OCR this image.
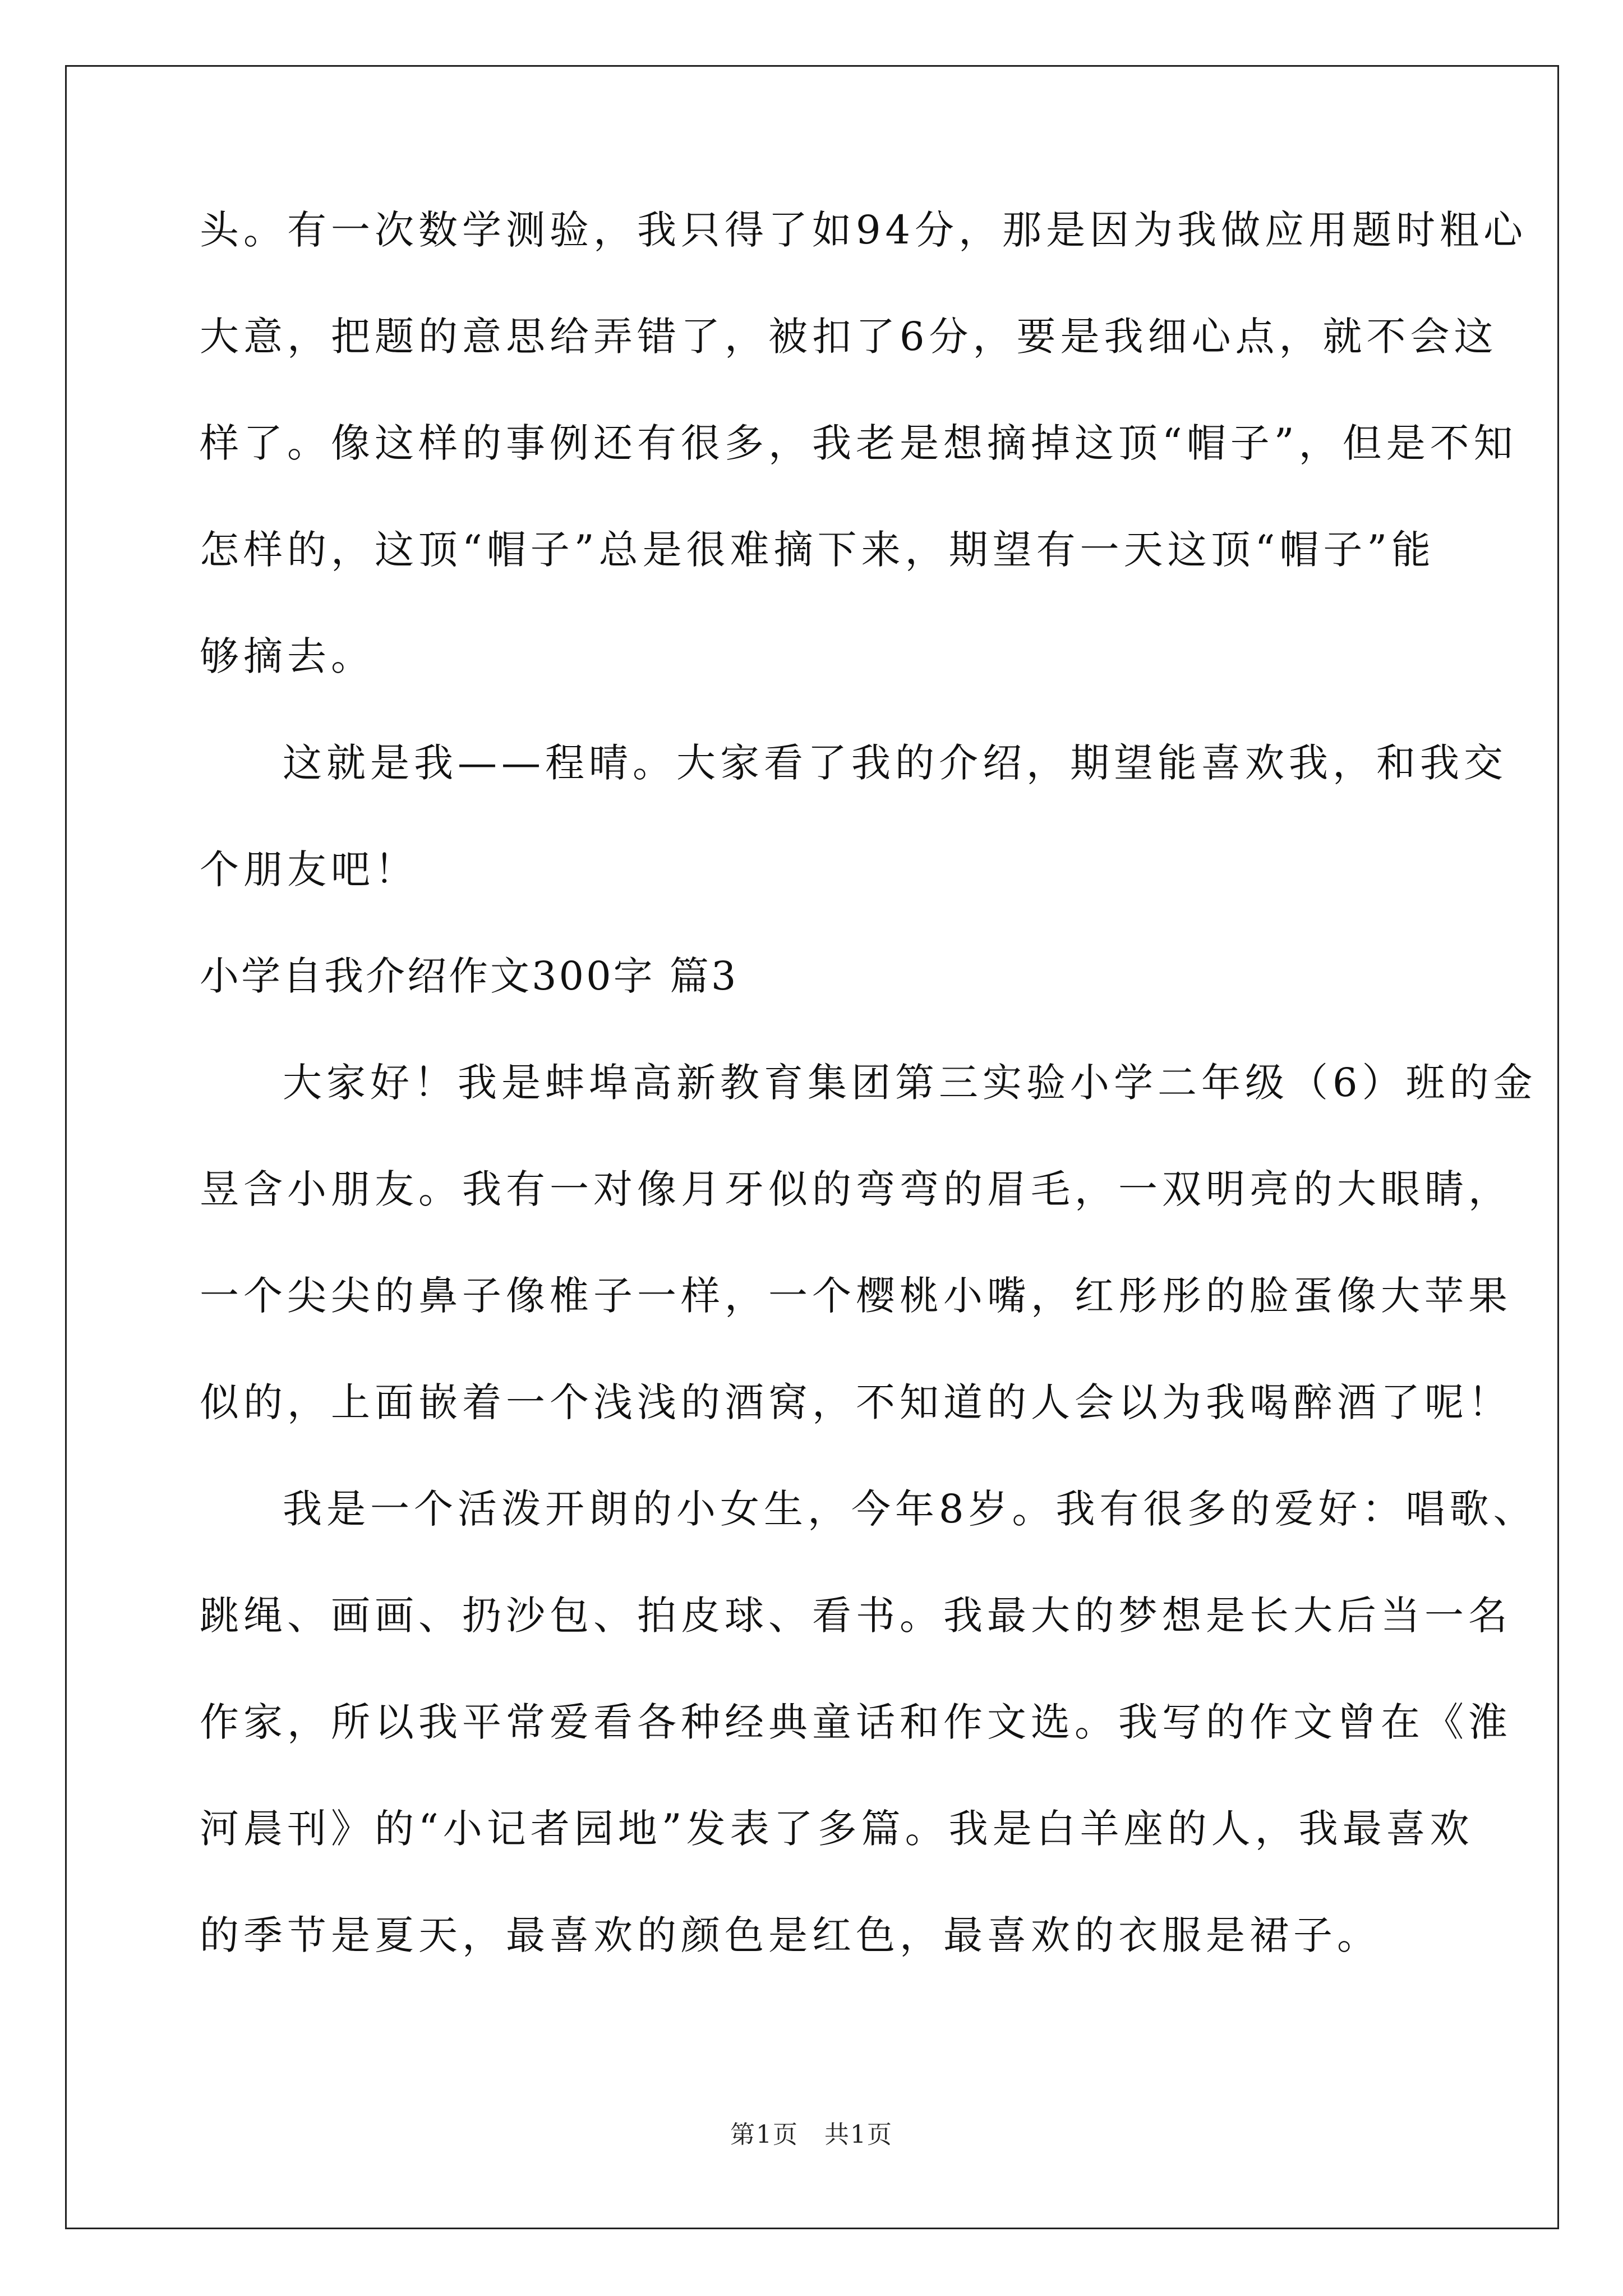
头。有一次数学测验，我只得了如94分，那是因为我做应用题时粗心
大意，把题的意思给弄错了，被扣了6分，要是我细心点，就不会这
样了。像这样的事例还有很多，我老是想摘掉这顶“帽子”，但是不知
怎样的，这顶“帽子”总是很难摘下来，期望有一天这顶“帽子”能
够摘去。
这就是我——程晴。大家看了我的介绍，期望能喜欢我，和我交
个朋友吧！
小学自我介绍作文300字 篇3
大家好！我是蚌埠高新教育集团第三实验小学二年级（6）班的金
昱含小朋友。我有一对像月牙似的弯弯的眉毛，一双明亮的大眼睛，
一个尖尖的鼻子像椎子一样，一个樱桃小嘴，红彤彤的脸蛋像大苹果
似的，上面嵌着一个浅浅的酒窝，不知道的人会以为我喝醉酒了呢！
我是一个活泼开朗的小女生，今年8岁。我有很多的爱好：唱歌、
跳绳、画画、扔沙包、拍皮球、看书。我最大的梦想是长大后当一名
作家，所以我平常爱看各种经典童话和作文选。我写的作文曾在《淮
河晨刊》的“小记者园地”发表了多篇。我是白羊座的人，我最喜欢
的季节是夏天，最喜欢的颜色是红色，最喜欢的衣服是裙子。
第1页　共1页
